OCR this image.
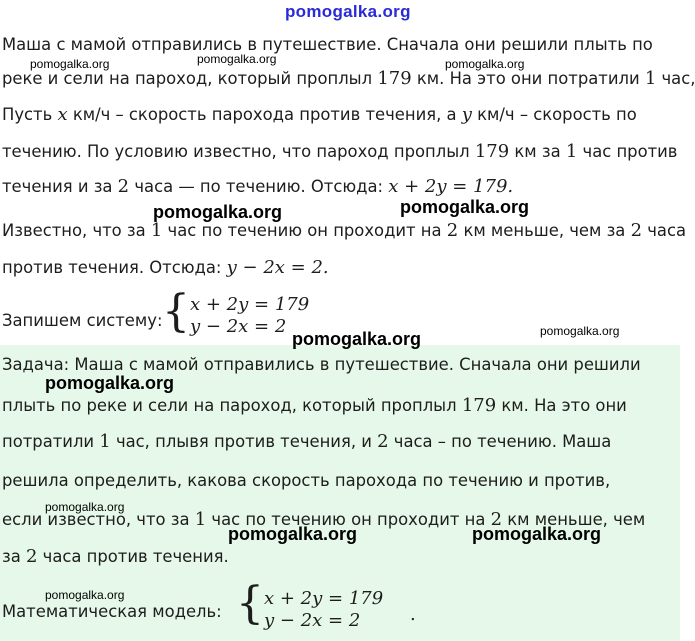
pomogalka.org
Маша с мамой отправились в путешествие. Сначала они решили плыть по
реке и сели на пароход, который проплыл 179 км. На это они потратили 1 час,
Пусть x км/ч – скорость парохода против течения, а y км/ч – скорость по
течению. По условию известно, что пароход проплыл 179 км за 1 час против
течения и за 2 часа — по течению. Отсюда: x + 2y = 179.
Известно, что за 1 час по течению он проходит на 2 км меньше, чем за 2 часа
против течения. Отсюда: y − 2x = 2.
Запишем систему: { x + 2y = 179
y − 2x = 2
Задача: Маша с мамой отправились в путешествие. Сначала они решили
плыть по реке и сели на пароход, который проплыл 179 км. На это они
потратили 1 час, плывя против течения, и 2 часа – по течению. Маша
решила определить, какова скорость парохода по течению и против,
если известно, что за 1 час по течению он проходит на 2 км меньше, чем
за 2 часа против течения.
Математическая модель: { x + 2y = 179
y − 2x = 2	.
pomogalka.org	pomogalka.org	pomogalka.org
pomogalka.org	pomogalka.org
pomogalka.org	pomogalka.org
pomogalka.org
pomogalka.org
pomogalka.org	pomogalka.org
pomogalka.org
